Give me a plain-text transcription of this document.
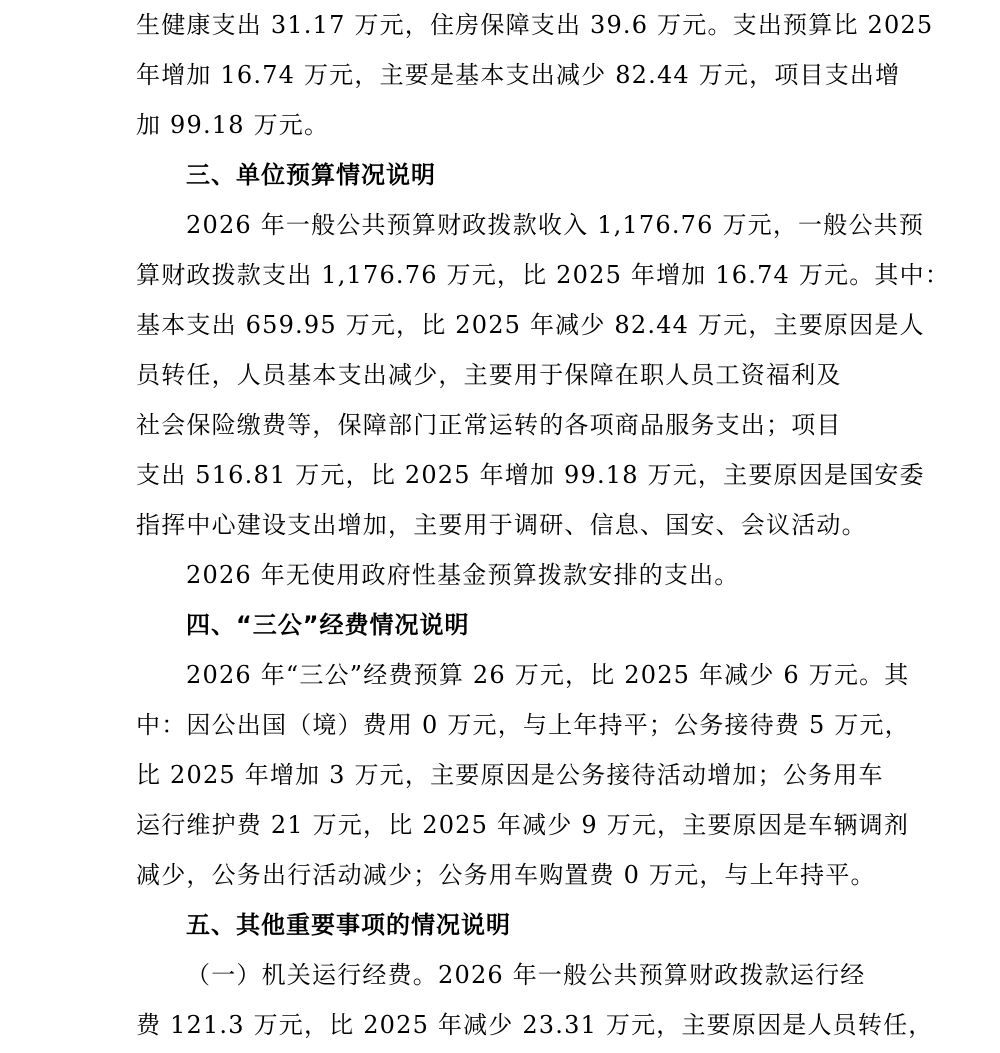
生健康支出 31.17 万元，住房保障支出 39.6 万元。支出预算比 2025
年增加 16.74 万元，主要是基本支出减少 82.44 万元，项目支出增
加 99.18 万元。
三、单位预算情况说明
2026 年一般公共预算财政拨款收入 1,176.76 万元，一般公共预
算财政拨款支出 1,176.76 万元，比 2025 年增加 16.74 万元。其中：
基本支出 659.95 万元，比 2025 年减少 82.44 万元，主要原因是人
员转任，人员基本支出减少，主要用于保障在职人员工资福利及
社会保险缴费等，保障部门正常运转的各项商品服务支出；项目
支出 516.81 万元，比 2025 年增加 99.18 万元，主要原因是国安委
指挥中心建设支出增加，主要用于调研、信息、国安、会议活动。
2026 年无使用政府性基金预算拨款安排的支出。
四、“三公”经费情况说明
2026 年“三公”经费预算 26 万元，比 2025 年减少 6 万元。其
中：因公出国（境）费用 0 万元，与上年持平；公务接待费 5 万元，
比 2025 年增加 3 万元，主要原因是公务接待活动增加；公务用车
运行维护费 21 万元，比 2025 年减少 9 万元，主要原因是车辆调剂
减少，公务出行活动减少；公务用车购置费 0 万元，与上年持平。
五、其他重要事项的情况说明
（一）机关运行经费。2026 年一般公共预算财政拨款运行经
费 121.3 万元，比 2025 年减少 23.31 万元，主要原因是人员转任，
